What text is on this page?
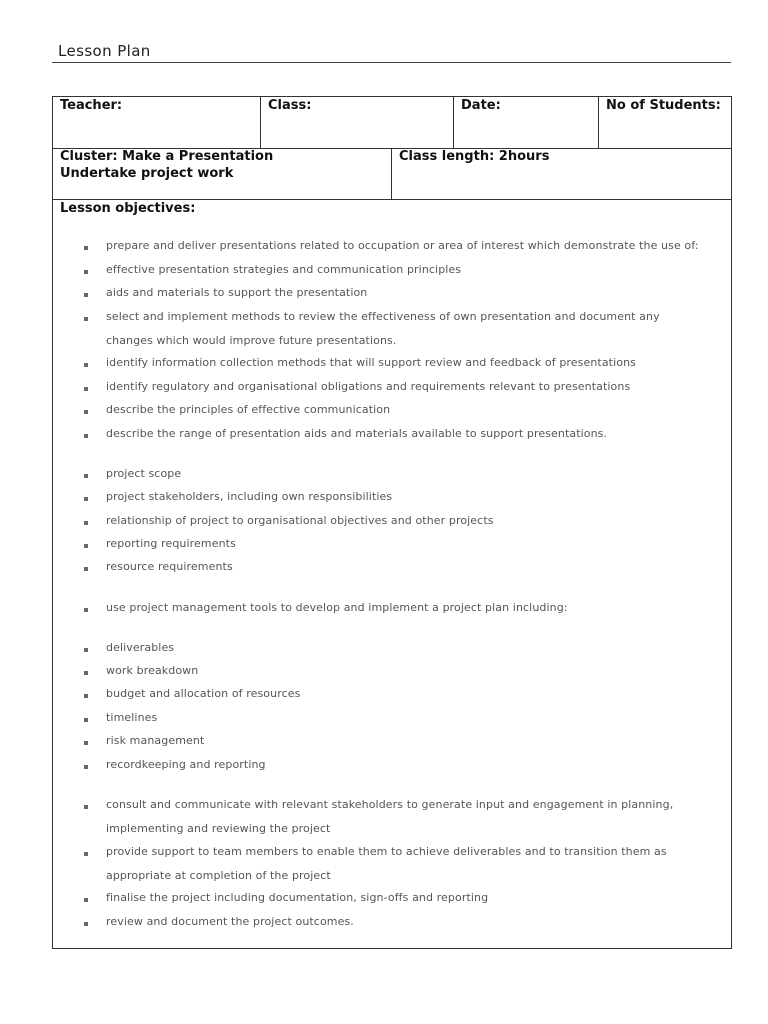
Lesson Plan
Teacher:	Class:	Date:	No of Students:
Cluster: Make a Presentation
Undertake project work
Class length: 2hours
Lesson objectives:
prepare and deliver presentations related to occupation or area of interest which demonstrate the use of:
effective presentation strategies and communication principles
aids and materials to support the presentation
select and implement methods to review the effectiveness of own presentation and document any
changes which would improve future presentations.
identify information collection methods that will support review and feedback of presentations
identify regulatory and organisational obligations and requirements relevant to presentations
describe the principles of effective communication
describe the range of presentation aids and materials available to support presentations.
project scope
project stakeholders, including own responsibilities
relationship of project to organisational objectives and other projects
reporting requirements
resource requirements
use project management tools to develop and implement a project plan including:
deliverables
work breakdown
budget and allocation of resources
timelines
risk management
recordkeeping and reporting
consult and communicate with relevant stakeholders to generate input and engagement in planning,
implementing and reviewing the project
provide support to team members to enable them to achieve deliverables and to transition them as
appropriate at completion of the project
finalise the project including documentation, sign-offs and reporting
review and document the project outcomes.
